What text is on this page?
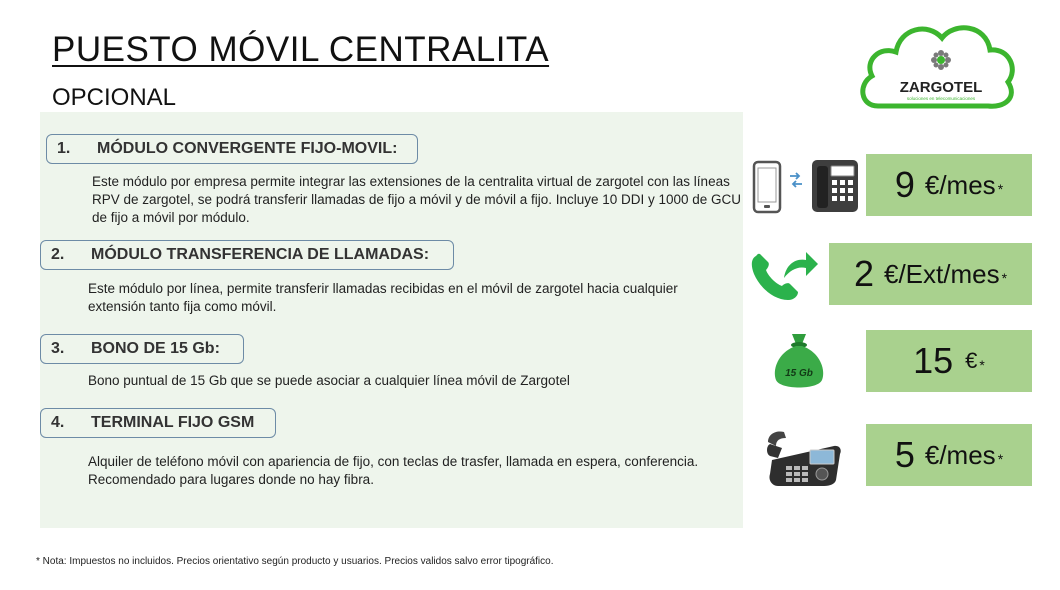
PUESTO MÓVIL CENTRALITA
OPCIONAL	ZARGOTEL
soluciones en telecomunicaciones
1.	MÓDULO CONVERGENTE FIJO-MOVIL:
Este módulo por empresa permite integrar las extensiones de la centralita virtual de zargotel con las líneas RPV de zargotel, se podrá transferir llamadas de fijo a móvil y de móvil a fijo. Incluye 10 DDI y 1000 de GCU de fijo a móvil por módulo.
2.	MÓDULO TRANSFERENCIA DE LLAMADAS:
Este módulo por línea, permite transferir llamadas recibidas en el móvil de zargotel hacia cualquier extensión tanto fija como móvil.
3.	BONO DE 15 Gb:
Bono puntual de 15 Gb que se puede asociar a cualquier línea móvil de Zargotel
4.	TERMINAL FIJO GSM
Alquiler de teléfono móvil con apariencia de fijo, con teclas de trasfer, llamada en espera, conferencia. Recomendado para lugares donde no hay fibra.
15 Gb
9 €/mes *
2 €/Ext/mes *
15 € *
5 €/mes *
* Nota: Impuestos no incluidos. Precios orientativo según producto y usuarios. Precios validos salvo error tipográfico.
